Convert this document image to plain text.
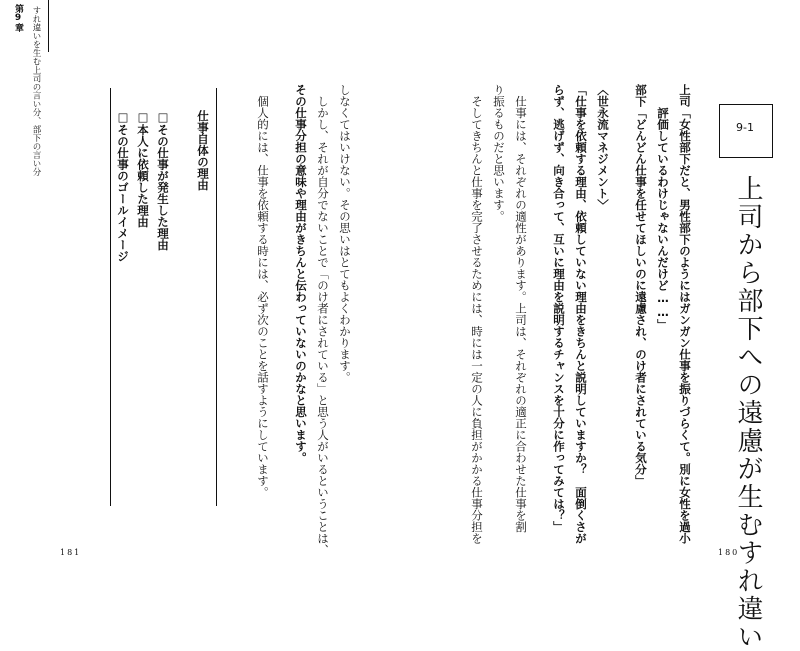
第9章 すれ違いを生む上司の言い分、部下の言い分	9-1
上司から部下への遠慮が生むすれ違い
上司「女性部下だと、男性部下のようにはガンガン仕事を振りづらくて。別に女性を過小
　　評価しているわけじゃないんだけど……」
部下「どんどん仕事を任せてほしいのに遠慮され、のけ者にされている気分」
〈世永流マネジメント〉
「仕事を依頼する理由、依頼していない理由をきちんと説明していますか？　面倒くさが
らず、逃げず、向き合って、互いに理由を説明するチャンスを十分に作ってみては？」
　仕事には、それぞれの適性があります。上司は、それぞれの適正に合わせた仕事を割
り振るものだと思います。
　そしてきちんと仕事を完了させるためには、時には一定の人に負担がかかる仕事分担を
しなくてはいけない。その思いはとてもよくわかります。
　しかし、それが自分でないことで「のけ者にされている」と思う人がいるということは、
その仕事分担の意味や理由がきちんと伝わっていないのかなと思います。
　個人的には、仕事を依頼する時には、必ず次のことを話すようにしています。
仕事自体の理由
□その仕事が発生した理由
□本人に依頼した理由
□その仕事のゴールイメージ
181	180
